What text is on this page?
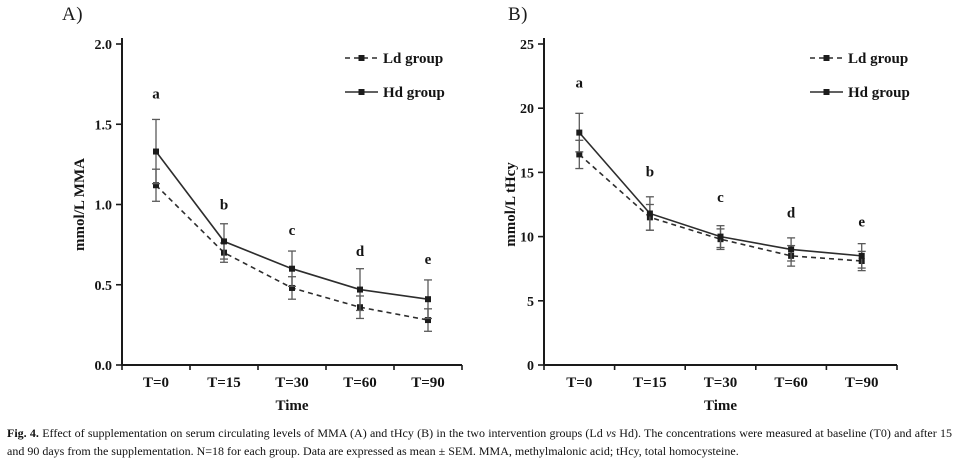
A)	B)
0.0
0.5
1.0
1.5
2.0
T=0	T=15 T=30 T=60 T=90
Time
mmol/L MMA
a
b
c
d
e
Ld group
Hd group
0
5
10
15
20
25
T=0	T=15 T=30 T=60 T=90
Time
mmol/L tHcy
a
b
c
d
e
Ld group
Hd group
Fig. 4. Effect of supplementation on serum circulating levels of MMA (A) and tHcy (B) in the two intervention groups (Ld vs Hd). The concentrations were measured at baseline (T0) and after 15 and 90 days from the supplementation. N=18 for each group. Data are expressed as mean ± SEM. MMA, methylmalonic acid; tHcy, total homocysteine.
